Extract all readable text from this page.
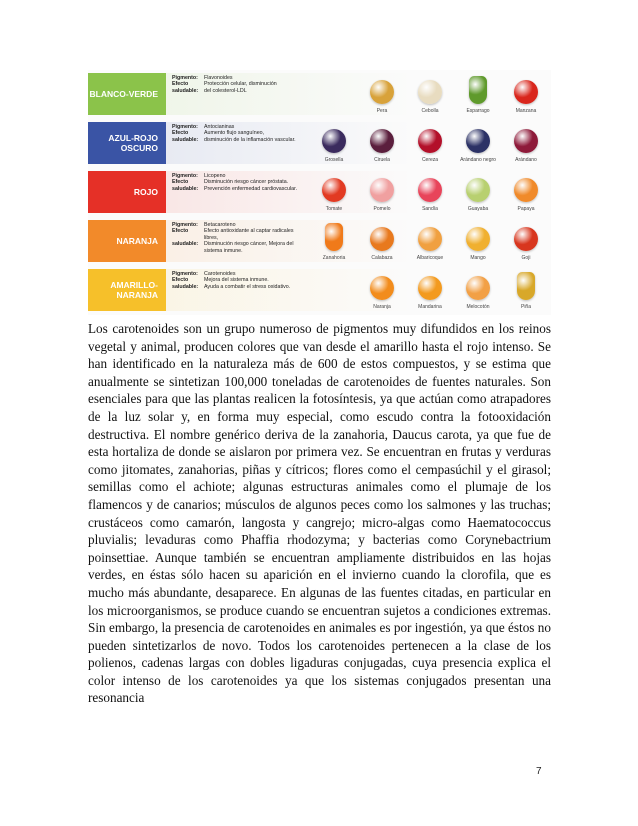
BLANCO-VERDE
Pigmento:	Flavonoides
Efecto	Protección celular, disminución
saludable:	del colesterol-LDL
Pera	Cebolla	Esparrago	Manzana
AZUL-ROJO OSCURO
Pigmento:	Antocianinas
Efecto	Aumento flujo sanguíneo,
saludable:	disminución de la inflamación vascular.
Grosella	Ciruela	Cereza	Arándano negro	Arándano
ROJO
Pigmento:	Licopeno
Efecto	Disminución riesgo cáncer próstata.
saludable:	Prevención enfermedad cardiovascular.
Tomate	Pomelo	Sandía	Guayaba	Papaya
NARANJA
Pigmento:	Betacaroteno
Efecto	Efecto antioxidante al captar radicales libres,
saludable:	Disminución riesgo cáncer, Mejora del sistema inmune.
Zanahoria	Calabaza	Albaricoque	Mango	Goji
AMARILLO-NARANJA
Pigmento:	Carotenoides
Efecto	Mejora del sistema inmune.
saludable:	Ayuda a combatir el stress oxidativo.
Naranja	Mandarina	Melocotón	Piña

Los carotenoides son un grupo numeroso de pigmentos muy difundidos en los reinos vegetal y animal, producen colores que van desde el amarillo hasta el rojo intenso. Se han identificado en la naturaleza más de 600 de estos compuestos, y se estima que anualmente se sintetizan 100,000 toneladas de carotenoides de fuentes naturales. Son esenciales para que las plantas realicen la fotosíntesis, ya que actúan como atrapadores de la luz solar y, en forma muy especial, como escudo contra la fotooxidación destructiva. El nombre genérico deriva de la zanahoria, Daucus carota, ya que fue de esta hortaliza de donde se aislaron por primera vez. Se encuentran en frutas y verduras como jitomates, zanahorias, piñas y cítricos; flores como el cempasúchil y el girasol; semillas como el achiote; algunas estructuras animales como el plumaje de los flamencos y de canarios; músculos de algunos peces como los salmones y las truchas; crustáceos como camarón, langosta y cangrejo; micro-algas como Haematococcus pluvialis; levaduras como Phaffia rhodozyma; y bacterias como Corynebactrium poinsettiae. Aunque también se encuentran ampliamente distribuidos en las hojas verdes, en éstas sólo hacen su aparición en el invierno cuando la clorofila, que es mucho más abundante, desaparece. En algunas de las fuentes citadas, en particular en los microorganismos, se produce cuando se encuentran sujetos a condiciones extremas. Sin embargo, la presencia de carotenoides en animales es por ingestión, ya que éstos no pueden sintetizarlos de novo. Todos los carotenoides pertenecen a la clase de los polienos, cadenas largas con dobles ligaduras conjugadas, cuya presencia explica el color intenso de los carotenoides ya que los sistemas conjugados presentan una resonancia

7
